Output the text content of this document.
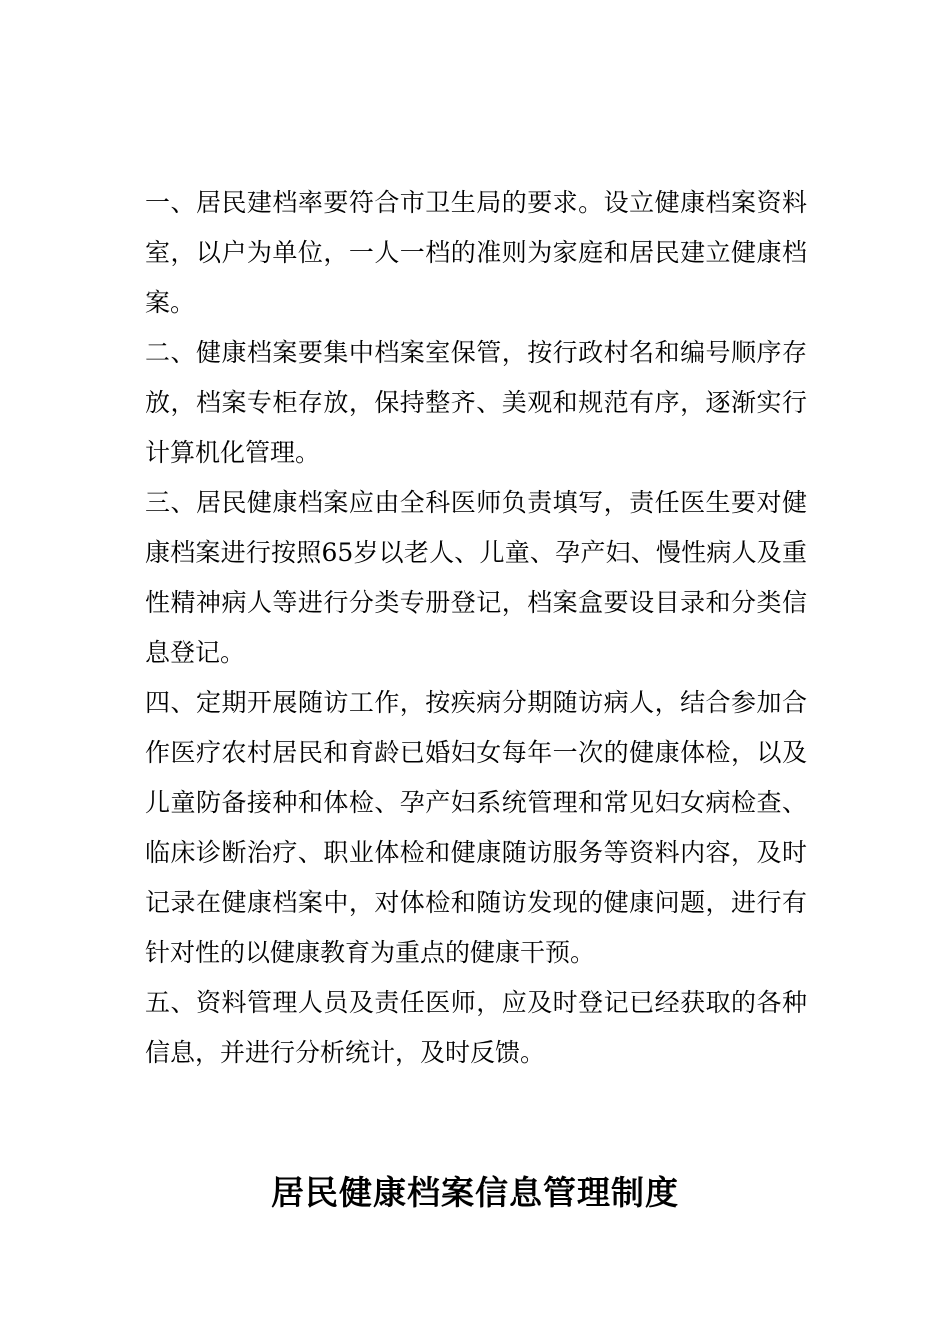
一、居民建档率要符合市卫生局的要求。设立健康档案资料室，以户为单位，一人一档的准则为家庭和居民建立健康档案。

二、健康档案要集中档案室保管，按行政村名和编号顺序存放，档案专柜存放，保持整齐、美观和规范有序，逐渐实行计算机化管理。

三、居民健康档案应由全科医师负责填写，责任医生要对健康档案进行按照65岁以老人、儿童、孕产妇、慢性病人及重性精神病人等进行分类专册登记，档案盒要设目录和分类信息登记。

四、定期开展随访工作，按疾病分期随访病人，结合参加合作医疗农村居民和育龄已婚妇女每年一次的健康体检，以及儿童防备接种和体检、孕产妇系统管理和常见妇女病检查、临床诊断治疗、职业体检和健康随访服务等资料内容，及时记录在健康档案中，对体检和随访发现的健康问题，进行有针对性的以健康教育为重点的健康干预。

五、资料管理人员及责任医师，应及时登记已经获取的各种信息，并进行分析统计，及时反馈。

居民健康档案信息管理制度
